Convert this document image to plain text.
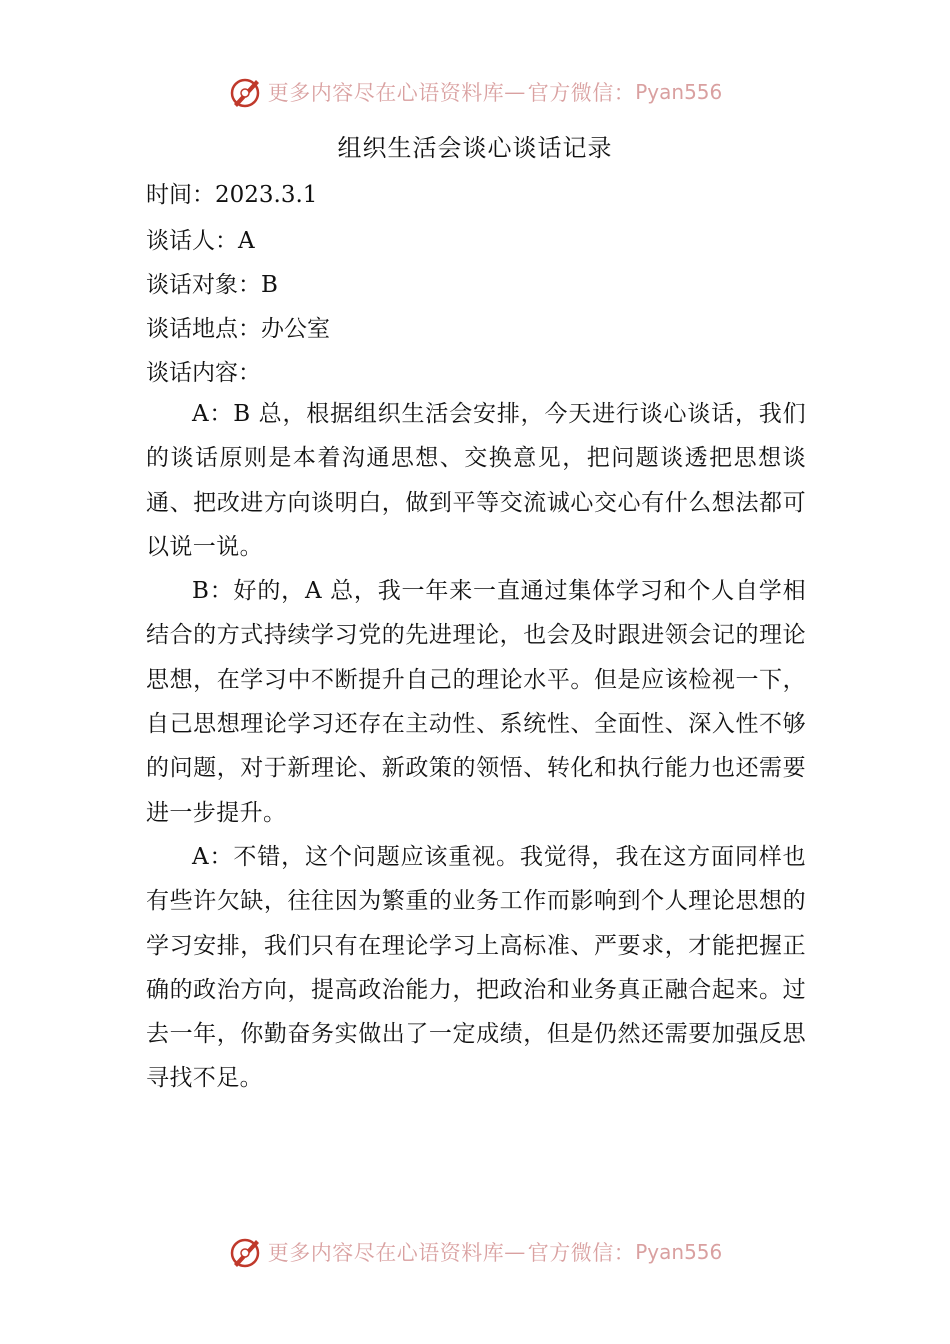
更多内容尽在心语资料库 — 官方微信： Pyan556
组织生活会谈心谈话记录
时间：2023.3.1
谈话人：A
谈话对象：B
谈话地点：办公室
谈话内容：

A：B 总，根据组织生活会安排，今天进行谈心谈话，我们的谈话原则是本着沟通思想、交换意见，把问题谈透把思想谈通、把改进方向谈明白，做到平等交流诚心交心有什么想法都可以说一说。

B：好的，A 总，我一年来一直通过集体学习和个人自学相结合的方式持续学习党的先进理论，也会及时跟进领会记的理论思想，在学习中不断提升自己的理论水平。但是应该检视一下，自己思想理论学习还存在主动性、系统性、全面性、深入性不够的问题，对于新理论、新政策的领悟、转化和执行能力也还需要进一步提升。

A：不错，这个问题应该重视。我觉得，我在这方面同样也有些许欠缺，往往因为繁重的业务工作而影响到个人理论思想的学习安排，我们只有在理论学习上高标准、严要求，才能把握正确的政治方向，提高政治能力，把政治和业务真正融合起来。过去一年，你勤奋务实做出了一定成绩，但是仍然还需要加强反思寻找不足。

更多内容尽在心语资料库 — 官方微信： Pyan556
